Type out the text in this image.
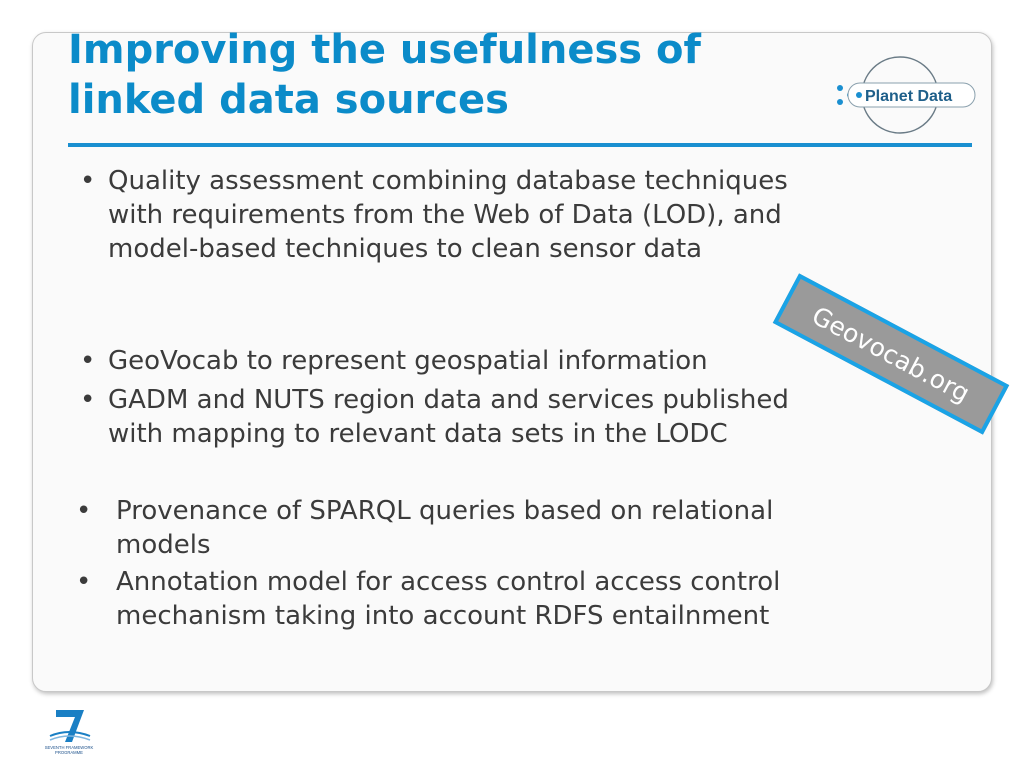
Improving the usefulness of
linked data sources	Planet Data
• Quality assessment combining database techniques
with requirements from the Web of Data (LOD), and
model-based techniques to clean sensor data
• GeoVocab to represent geospatial information
• GADM and NUTS region data and services published
with mapping to relevant data sets in the LODC
• Provenance of SPARQL queries based on relational
models
• Annotation model for access control access control
mechanism taking into account RDFS entailnment
Geovocab.org
SEVENTH FRAMEWORK
PROGRAMME
